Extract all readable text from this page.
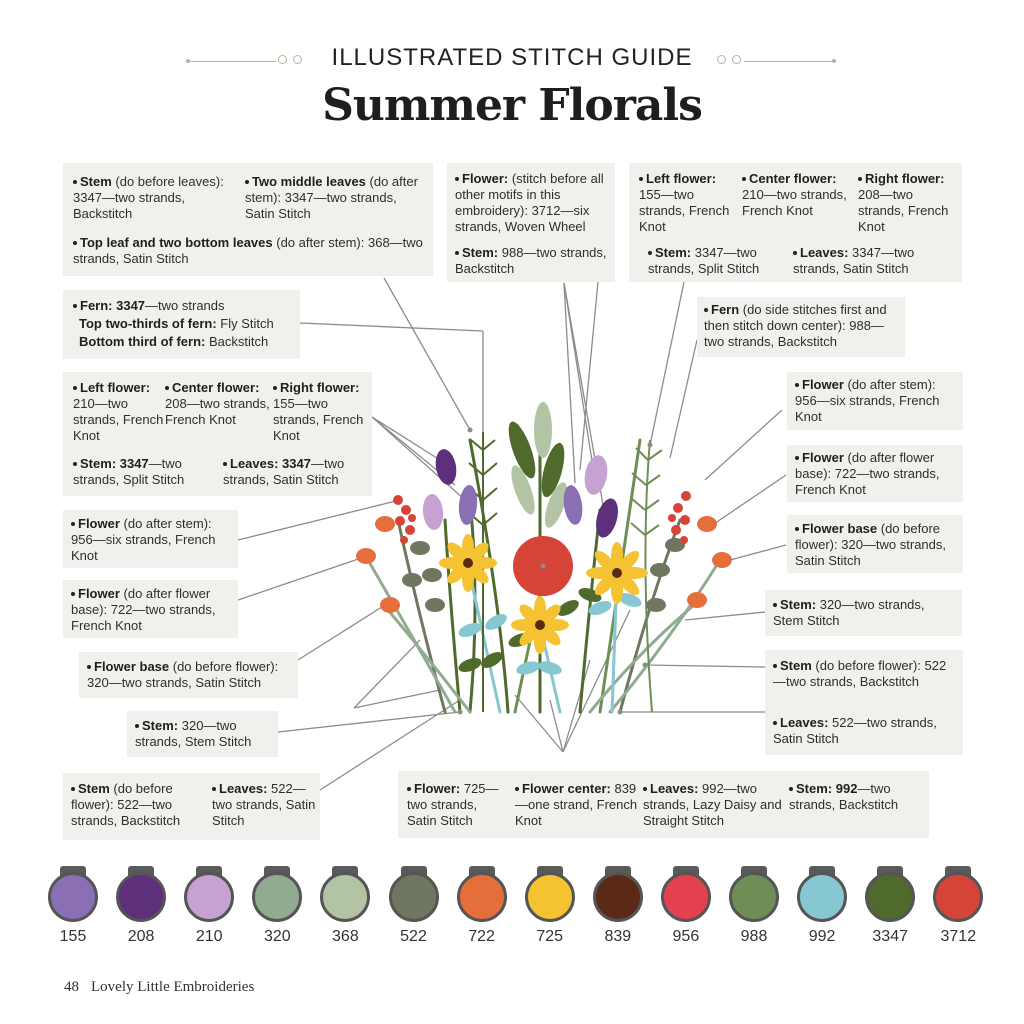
ILLUSTRATED STITCH GUIDE
Summer Florals
Stem (do before leaves): 3347—two strands, Backstitch
Two middle leaves (do after stem): 3347—two strands, Satin Stitch
Top leaf and two bottom leaves (do after stem): 368—two strands, Satin Stitch
Flower: (stitch before all other motifs in this embroidery): 3712—six strands, Woven Wheel
Stem: 988—two strands, Backstitch
Left flower: 155—two strands, French Knot
Center flower: 210—two strands, French Knot
Right flower: 208—two strands, French Knot
Stem: 3347—two strands, Split Stitch
Leaves: 3347—two strands, Satin Stitch
Fern: 3347—two strands
Top two-thirds of fern: Fly Stitch
Bottom third of fern: Backstitch
Fern (do side stitches first and then stitch down center): 988—two strands, Backstitch
Left flower: 210—two strands, French Knot
Center flower: 208—two strands, French Knot
Right flower: 155—two strands, French Knot
Stem: 3347—two strands, Split Stitch
Leaves: 3347—two strands, Satin Stitch
Flower (do after stem): 956—six strands, French Knot
Flower (do after flower base): 722—two strands, French Knot
Flower base (do before flower): 320—two strands, Satin Stitch
Flower (do after stem): 956—six strands, French Knot
Flower (do after flower base): 722—two strands, French Knot
Stem: 320—two strands, Stem Stitch
Flower base (do before flower): 320—two strands, Satin Stitch
Stem (do before flower): 522—two strands, Backstitch
Leaves: 522—two strands, Satin Stitch
Stem: 320—two strands, Stem Stitch
Stem (do before flower): 522—two strands, Backstitch
Leaves: 522—two strands, Satin Stitch
Flower: 725—two strands, Satin Stitch
Flower center: 839—one strand, French Knot
Leaves: 992—two strands, Lazy Daisy and Straight Stitch
Stem: 992—two strands, Backstitch
155	208	210	320	368	522	722	725	839	956	988	992	3347	3712
48 Lovely Little Embroideries
